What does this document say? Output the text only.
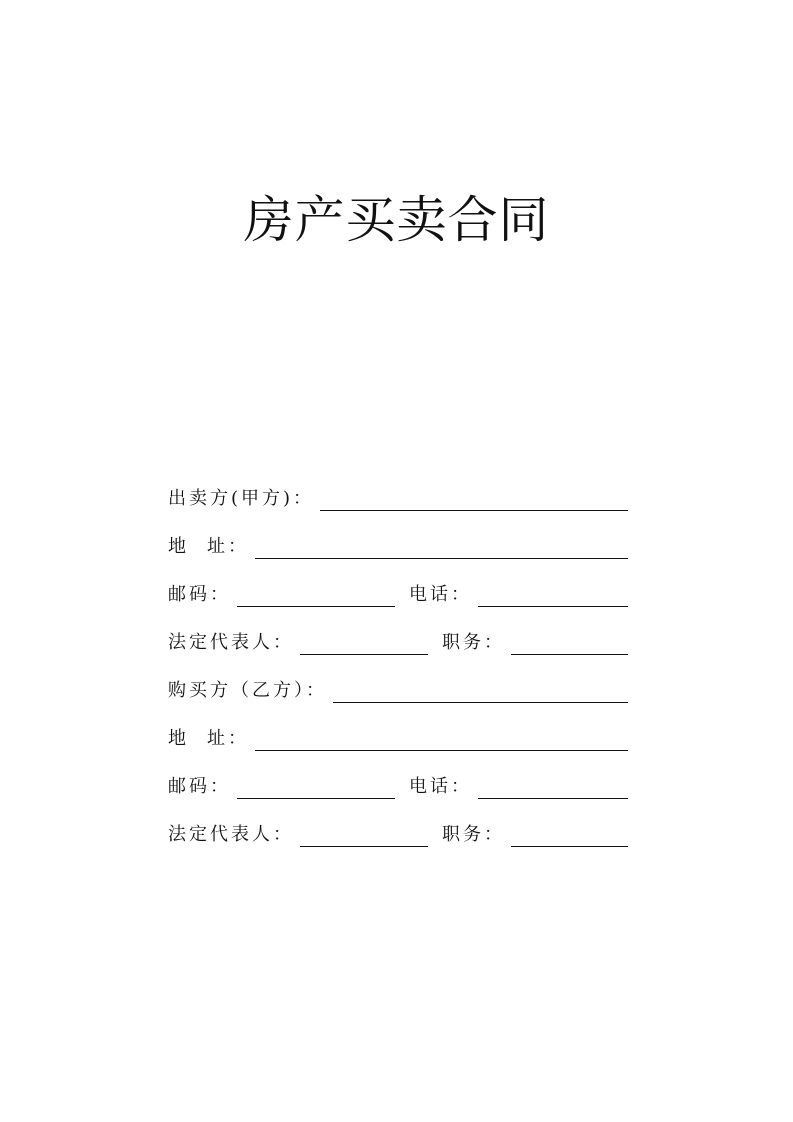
房产买卖合同
出卖方(甲方)：
地 址：
邮码：	电话：
法定代表人：	职务：
购买方（乙方）：
地 址：
邮码：	电话：
法定代表人：	职务：
